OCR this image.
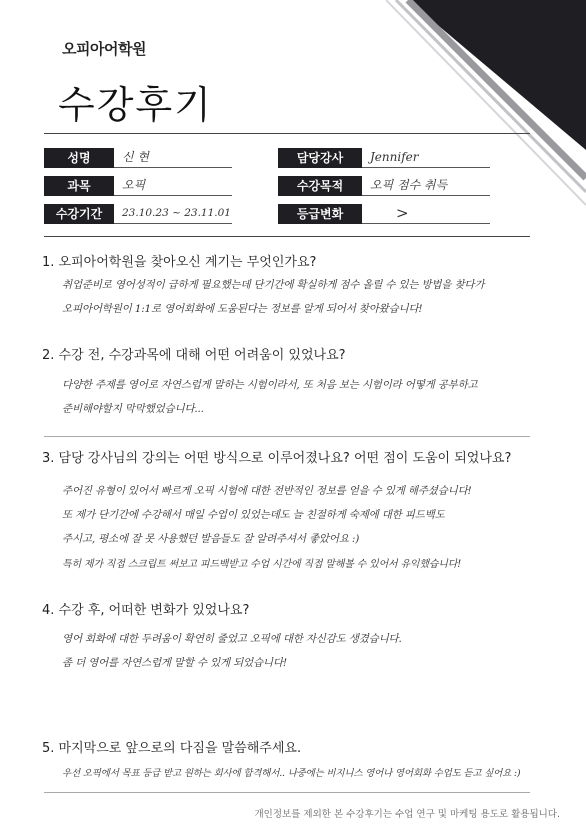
오피아어학원
수강후기
성명	신 현
과목	오픽
수강기간	23.10.23 ~ 23.11.01
담당강사	Jennifer
수강목적	오픽 점수 취득
등급변화	>
1. 오피아어학원을 찾아오신 계기는 무엇인가요?
취업준비로 영어성적이 급하게 필요했는데 단기간에 확실하게 점수 올릴 수 있는 방법을 찾다가
오피아어학원이 1:1로 영어회화에 도움된다는 정보를 알게 되어서 찾아왔습니다!
2. 수강 전, 수강과목에 대해 어떤 어려움이 있었나요?
다양한 주제를 영어로 자연스럽게 말하는 시험이라서, 또 처음 보는 시험이라 어떻게 공부하고
준비해야할지 막막했었습니다...
3. 담당 강사님의 강의는 어떤 방식으로 이루어졌나요? 어떤 점이 도움이 되었나요?
주어진 유형이 있어서 빠르게 오픽 시험에 대한 전반적인 정보를 얻을 수 있게 해주셨습니다!
또 제가 단기간에 수강해서 매일 수업이 있었는데도 늘 친절하게 숙제에 대한 피드백도
주시고, 평소에 잘 못 사용했던 발음들도 잘 알려주셔서 좋았어요 :)
특히 제가 직접 스크립트 써보고 피드백받고 수업 시간에 직접 말해볼 수 있어서 유익했습니다!
4. 수강 후, 어떠한 변화가 있었나요?
영어 회화에 대한 두려움이 확연히 줄었고 오픽에 대한 자신감도 생겼습니다.
좀 더 영어를 자연스럽게 말할 수 있게 되었습니다!
5. 마지막으로 앞으로의 다짐을 말씀해주세요.
우선 오픽에서 목표 등급 받고 원하는 회사에 합격해서.. 나중에는 비지니스 영어나 영어회화 수업도 듣고 싶어요 :)
개인정보를 제외한 본 수강후기는 수업 연구 및 마케팅 용도로 활용됩니다.
